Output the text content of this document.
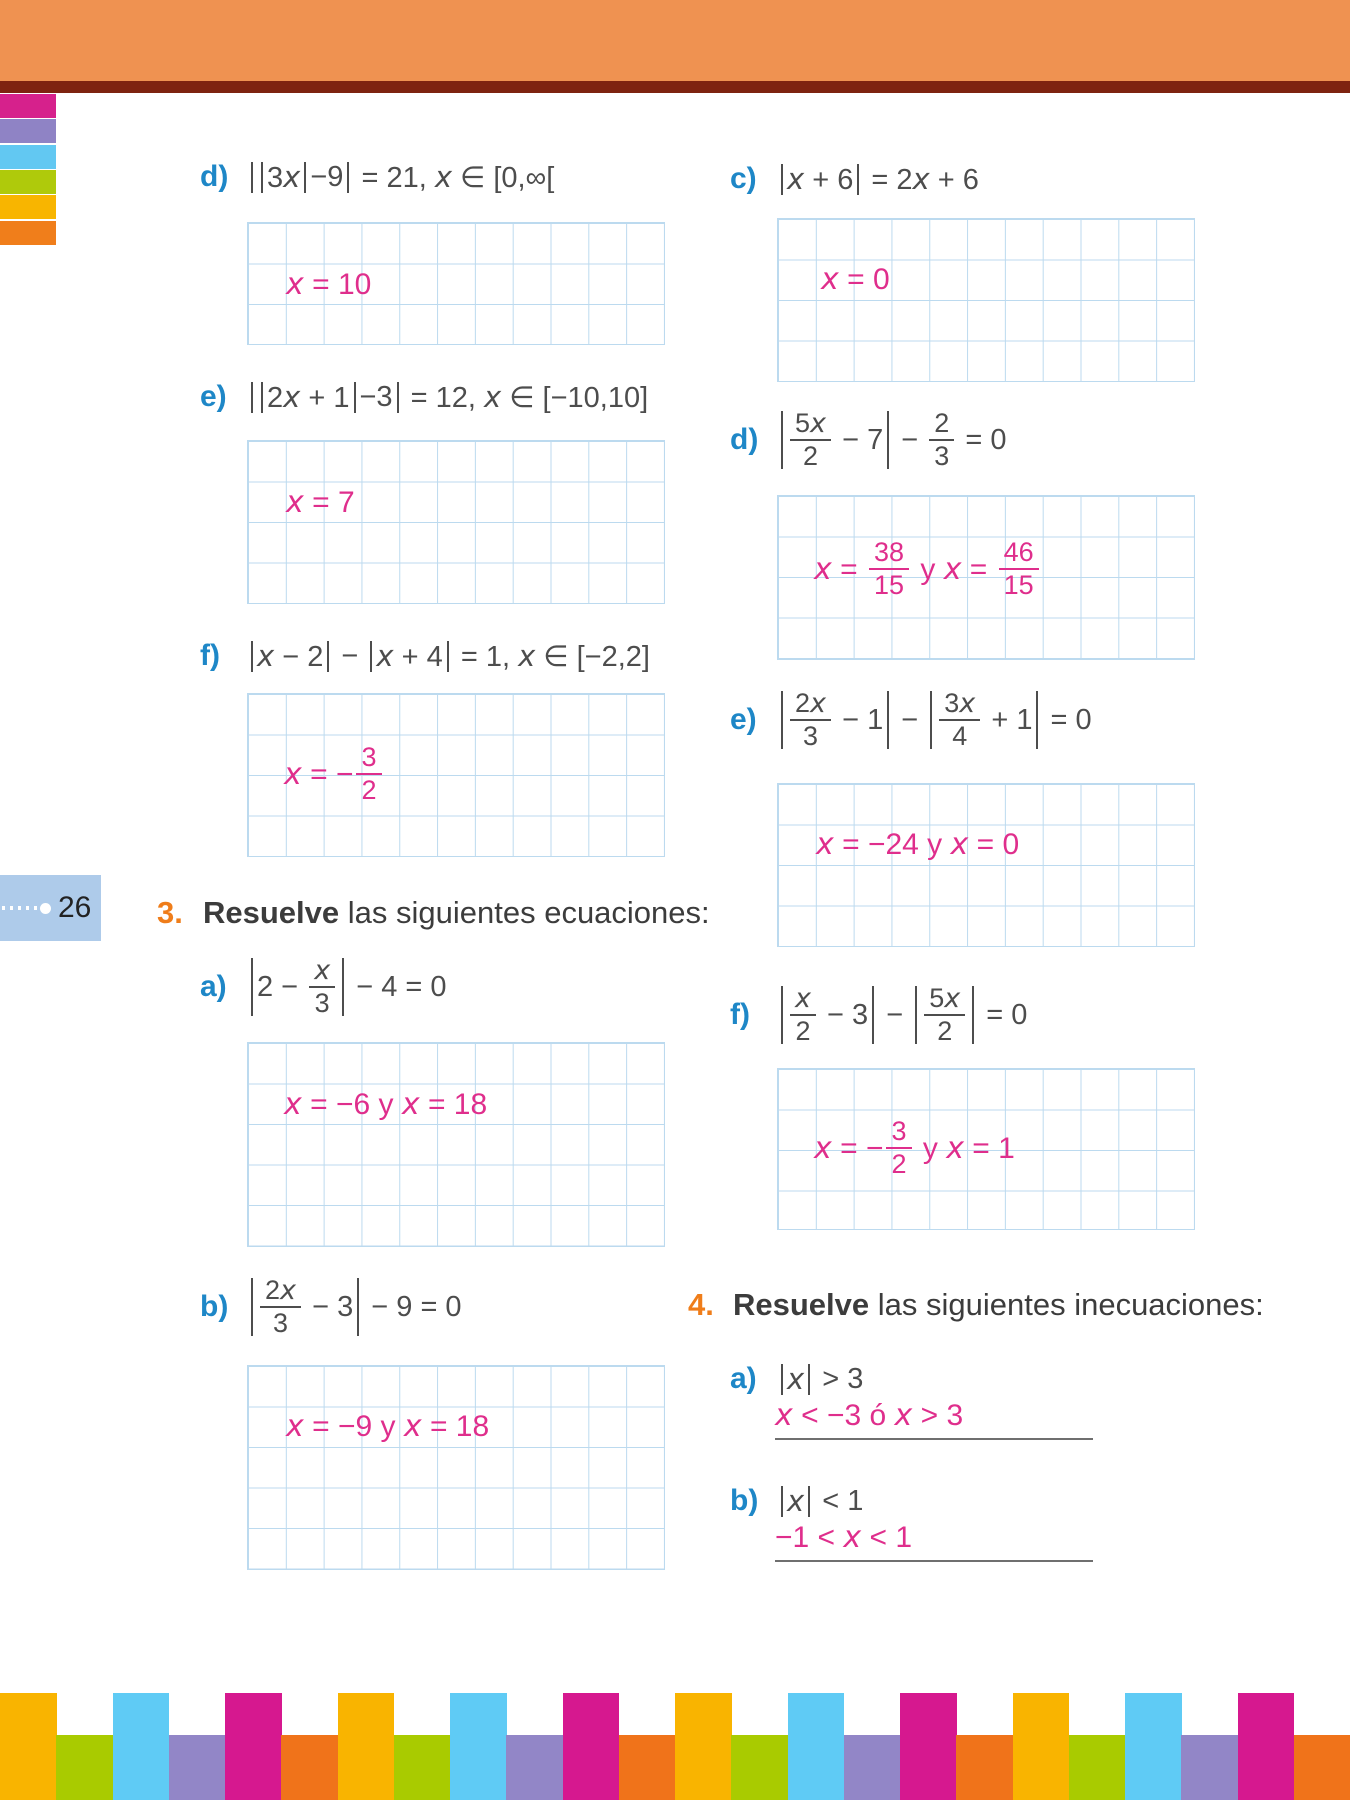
d) 3x −9 = 21, x ∈ [0,∞[
x = 10
e) 2x + 1 −3 = 12, x ∈ [−10,10]
x = 7
f) x − 2 − x + 4 = 1, x ∈ [−2,2]
x = − $\frac{3}{2}$
26 3. Resuelve las siguientes ecuaciones:
a) $2 - \frac{x}{3} - 4 = 0$
x = −6 y x = 18
$b) \frac{2x}{3} - 3 - 9 = 0$
x = −9 y x = 18
c) x + 6 = 2x + 6
x = 0
$d) \frac{5x}{2} - 7 - \frac{2}{3} = 0$
$x = \frac{38}{15}$ y $x = \frac{46}{15}$
$e) \frac{2x}{3} - 1 - \frac{3x}{4} + 1 = 0$
x = −24 y x = 0
$f) \frac{x}{2} - 3 - \frac{5x}{2} = 0$
x = − $\frac{3}{2}$ y x = 1
4. Resuelve las siguientes inecuaciones:
a) x > 3
x < −3 ó x > 3
b) x < 1
−1 < x < 1
